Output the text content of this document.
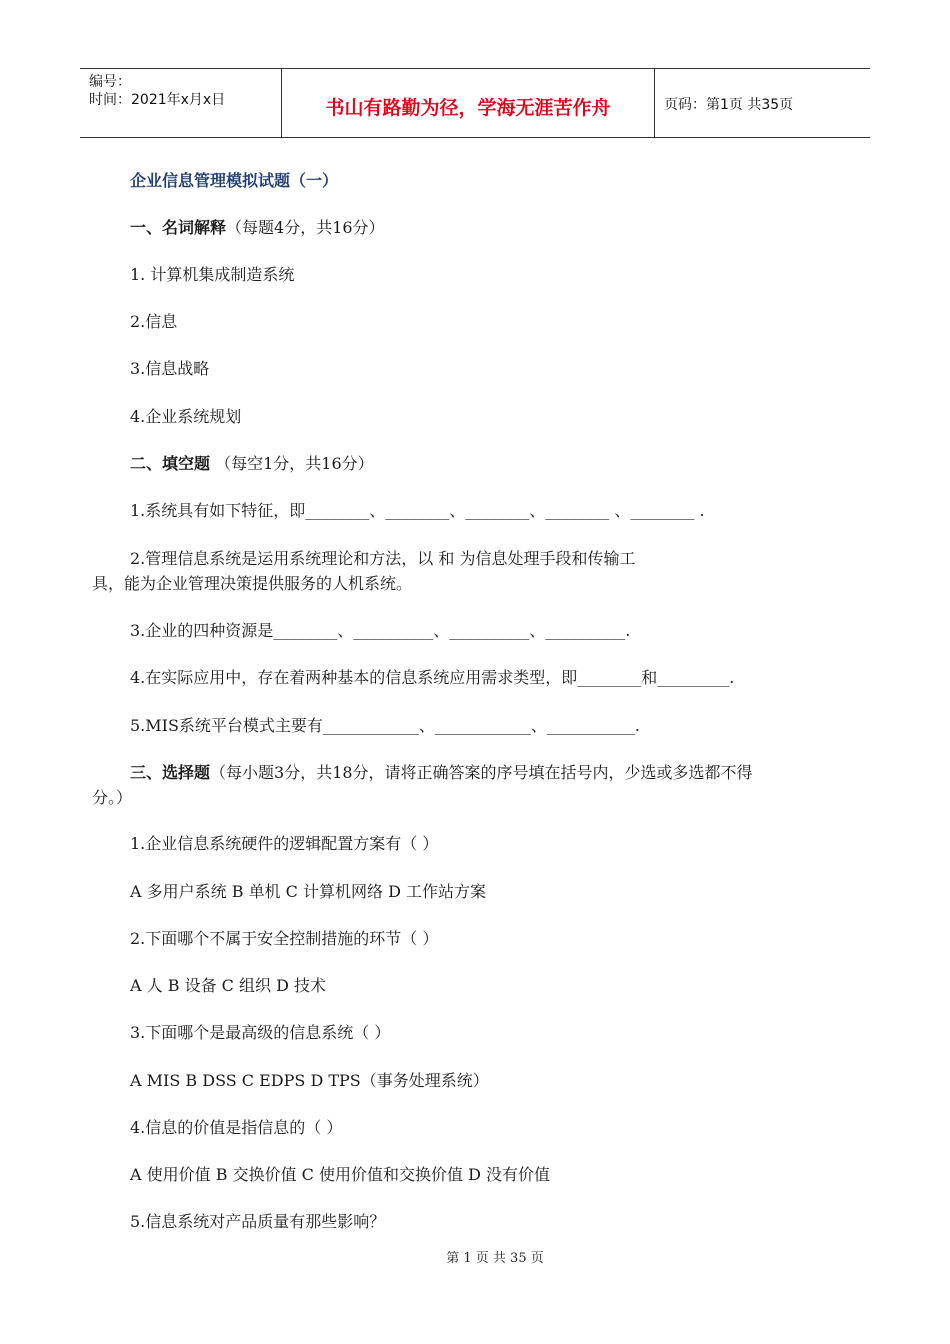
编号：
时间：2021年x月x日	书山有路勤为径，学海无涯苦作舟	页码：第1页 共35页
企业信息管理模拟试题（一）
一、名词解释（每题4分，共16分）
1. 计算机集成制造系统
2.信息
3.信息战略
4.企业系统规划
二、填空题 （每空1分，共16分）
1.系统具有如下特征，即________、________、________、________ 、________ .
2.管理信息系统是运用系统理论和方法，以 和 为信息处理手段和传输工
具，能为企业管理决策提供服务的人机系统。
3.企业的四种资源是________、__________、__________、__________.
4.在实际应用中，存在着两种基本的信息系统应用需求类型，即________和_________.
5.MIS系统平台模式主要有____________、____________、___________.
三、选择题（每小题3分，共18分，请将正确答案的序号填在括号内，少选或多选都不得
分。）
1.企业信息系统硬件的逻辑配置方案有（ ）
A 多用户系统 B 单机 C 计算机网络 D 工作站方案
2.下面哪个不属于安全控制措施的环节（ ）
A 人 B 设备 C 组织 D 技术
3.下面哪个是最高级的信息系统（ ）
A MIS B DSS C EDPS D TPS（事务处理系统）
4.信息的价值是指信息的（ ）
A 使用价值 B 交换价值 C 使用价值和交换价值 D 没有价值
5.信息系统对产品质量有那些影响？
第 1 页 共 35 页
